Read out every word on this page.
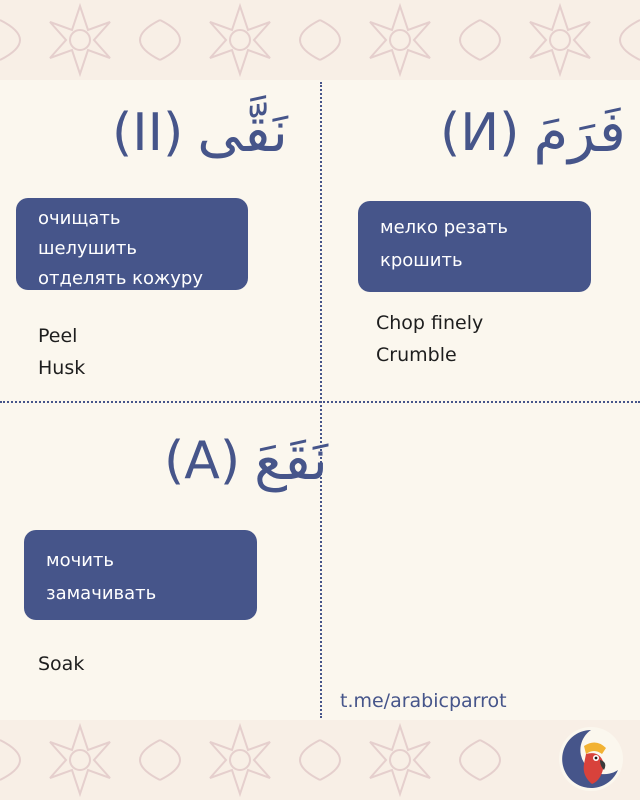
(II) نَقَّى
очищать
шелушить
отделять кожуру
Peel
Husk
(И) فَرَمَ
мелко резать
крошить
Chop finely
Crumble
(A) نَقَعَ
мочить
замачивать
Soak
t.me/arabicparrot
